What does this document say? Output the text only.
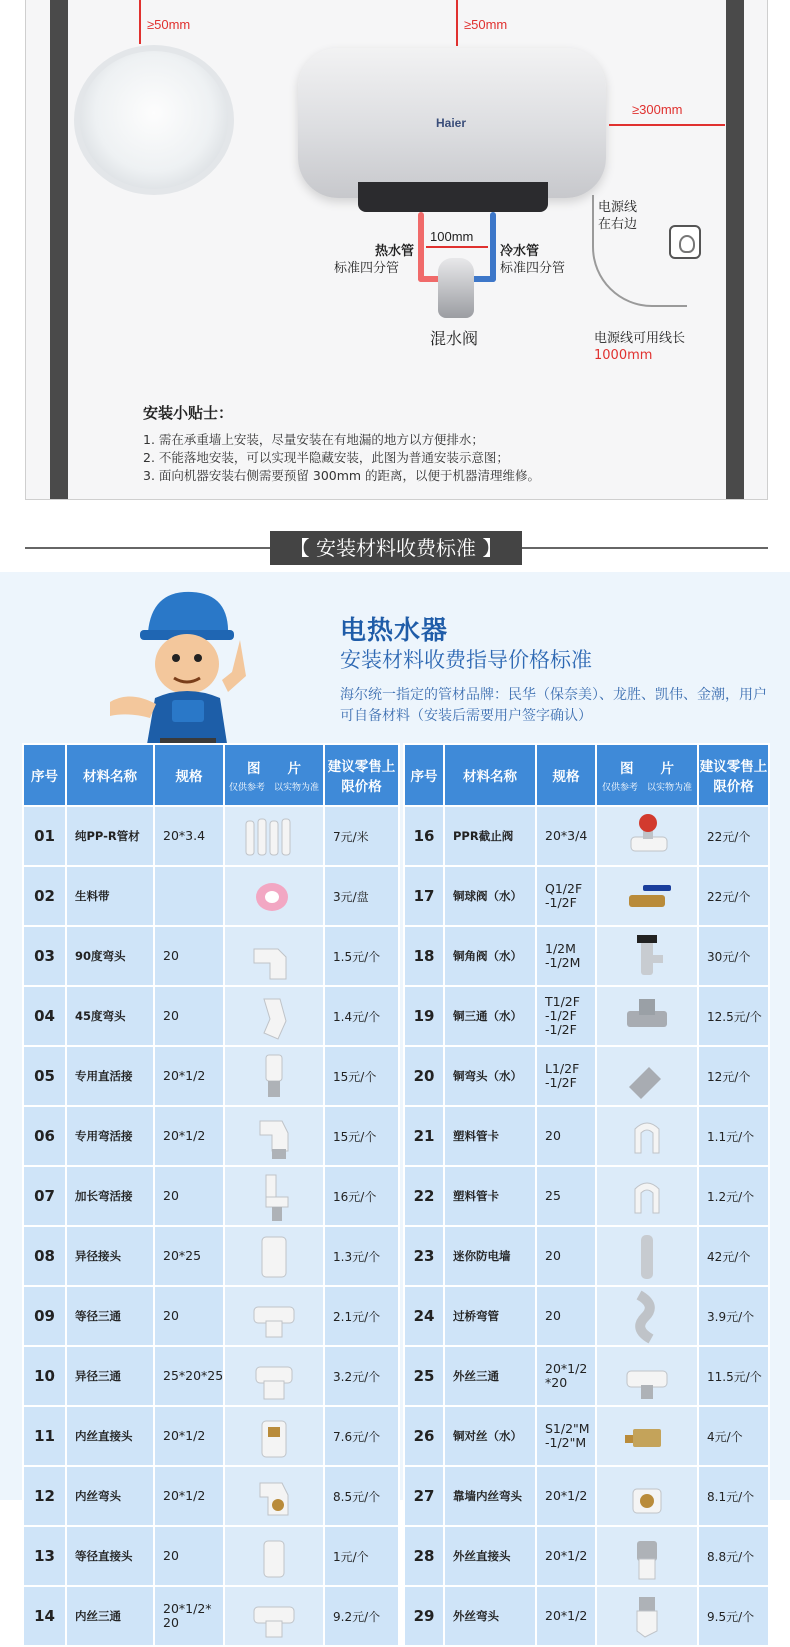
≥50mm	≥50mm
Haier
≥300mm
100mm
热水管
标准四分管
冷水管
标准四分管
混水阀
电源线
在右边
电源线可用线长
1000mm
安装小贴士：
1. 需在承重墙上安装，尽量安装在有地漏的地方以方便排水；
2. 不能落地安装，可以实现半隐藏安装，此图为普通安装示意图；
3. 面向机器安装右侧需要预留 300mm 的距离，以便于机器清理维修。
【 安装材料收费标准 】
电热水器
安装材料收费指导价格标准
海尔统一指定的管材品牌：民华（保奈美）、龙胜、凯伟、金潮，用户可自备材料（安装后需要用户签字确认）
序号	材料名称	规格	图　　片
仅供参考　以实物为准	建议零售上限价格
01	纯PP-R管材	20*3.4		7元/米
02	生料带			3元/盘
03	90度弯头	20		1.5元/个
04	45度弯头	20		1.4元/个
05	专用直活接	20*1/2		15元/个
06	专用弯活接	20*1/2		15元/个
07	加长弯活接	20		16元/个
08	异径接头	20*25		1.3元/个
09	等径三通	20		2.1元/个
10	异径三通	25*20*25		3.2元/个
11	内丝直接头	20*1/2		7.6元/个
12	内丝弯头	20*1/2		8.5元/个
13	等径直接头	20		1元/个
14	内丝三通	20*1/2*
20		9.2元/个
序号	材料名称	规格	图　　片
仅供参考　以实物为准	建议零售上限价格
16	PPR截止阀	20*3/4		22元/个
17	铜球阀（水）	Q1/2F
-1/2F		22元/个
18	铜角阀（水）	1/2M
-1/2M		30元/个
19	铜三通（水）	T1/2F
-1/2F
-1/2F		12.5元/个
20	铜弯头（水）	L1/2F
-1/2F		12元/个
21	塑料管卡	20		1.1元/个
22	塑料管卡	25		1.2元/个
23	迷你防电墙	20		42元/个
24	过桥弯管	20		3.9元/个
25	外丝三通	20*1/2
*20		11.5元/个
26	铜对丝（水）	S1/2"M
-1/2"M		4元/个
27	靠墙内丝弯头	20*1/2		8.1元/个
28	外丝直接头	20*1/2		8.8元/个
29	外丝弯头	20*1/2		9.5元/个
